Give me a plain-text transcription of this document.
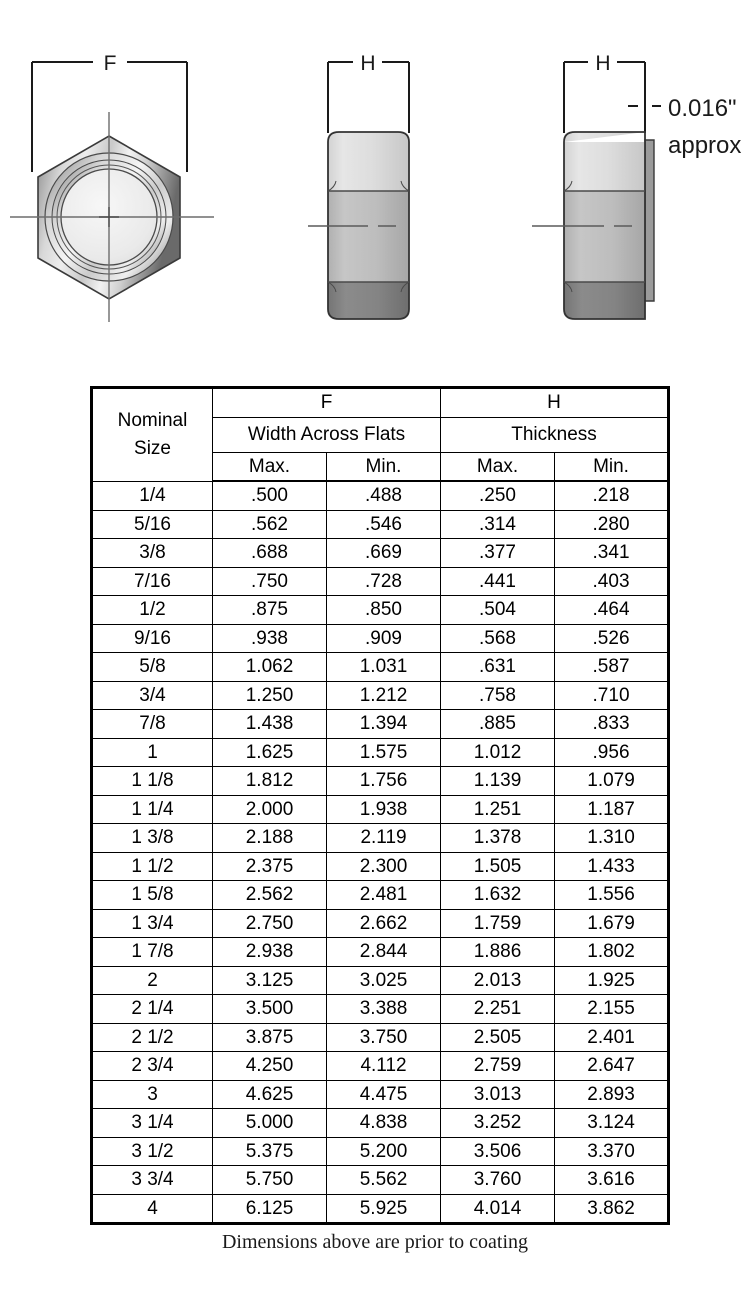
F	H	H
0.016"
approx
Nominal
Size	F		H	
	Width Across Flats		Thickness	
	Max.	Min.	Max.	Min.
1/4	.500	.488	.250	.218
5/16	.562	.546	.314	.280
3/8	.688	.669	.377	.341
7/16	.750	.728	.441	.403
1/2	.875	.850	.504	.464
9/16	.938	.909	.568	.526
5/8	1.062	1.031	.631	.587
3/4	1.250	1.212	.758	.710
7/8	1.438	1.394	.885	.833
1	1.625	1.575	1.012	.956
1 1/8	1.812	1.756	1.139	1.079
1 1/4	2.000	1.938	1.251	1.187
1 3/8	2.188	2.119	1.378	1.310
1 1/2	2.375	2.300	1.505	1.433
1 5/8	2.562	2.481	1.632	1.556
1 3/4	2.750	2.662	1.759	1.679
1 7/8	2.938	2.844	1.886	1.802
2	3.125	3.025	2.013	1.925
2 1/4	3.500	3.388	2.251	2.155
2 1/2	3.875	3.750	2.505	2.401
2 3/4	4.250	4.112	2.759	2.647
3	4.625	4.475	3.013	2.893
3 1/4	5.000	4.838	3.252	3.124
3 1/2	5.375	5.200	3.506	3.370
3 3/4	5.750	5.562	3.760	3.616
4	6.125	5.925	4.014	3.862
Dimensions above are prior to coating
